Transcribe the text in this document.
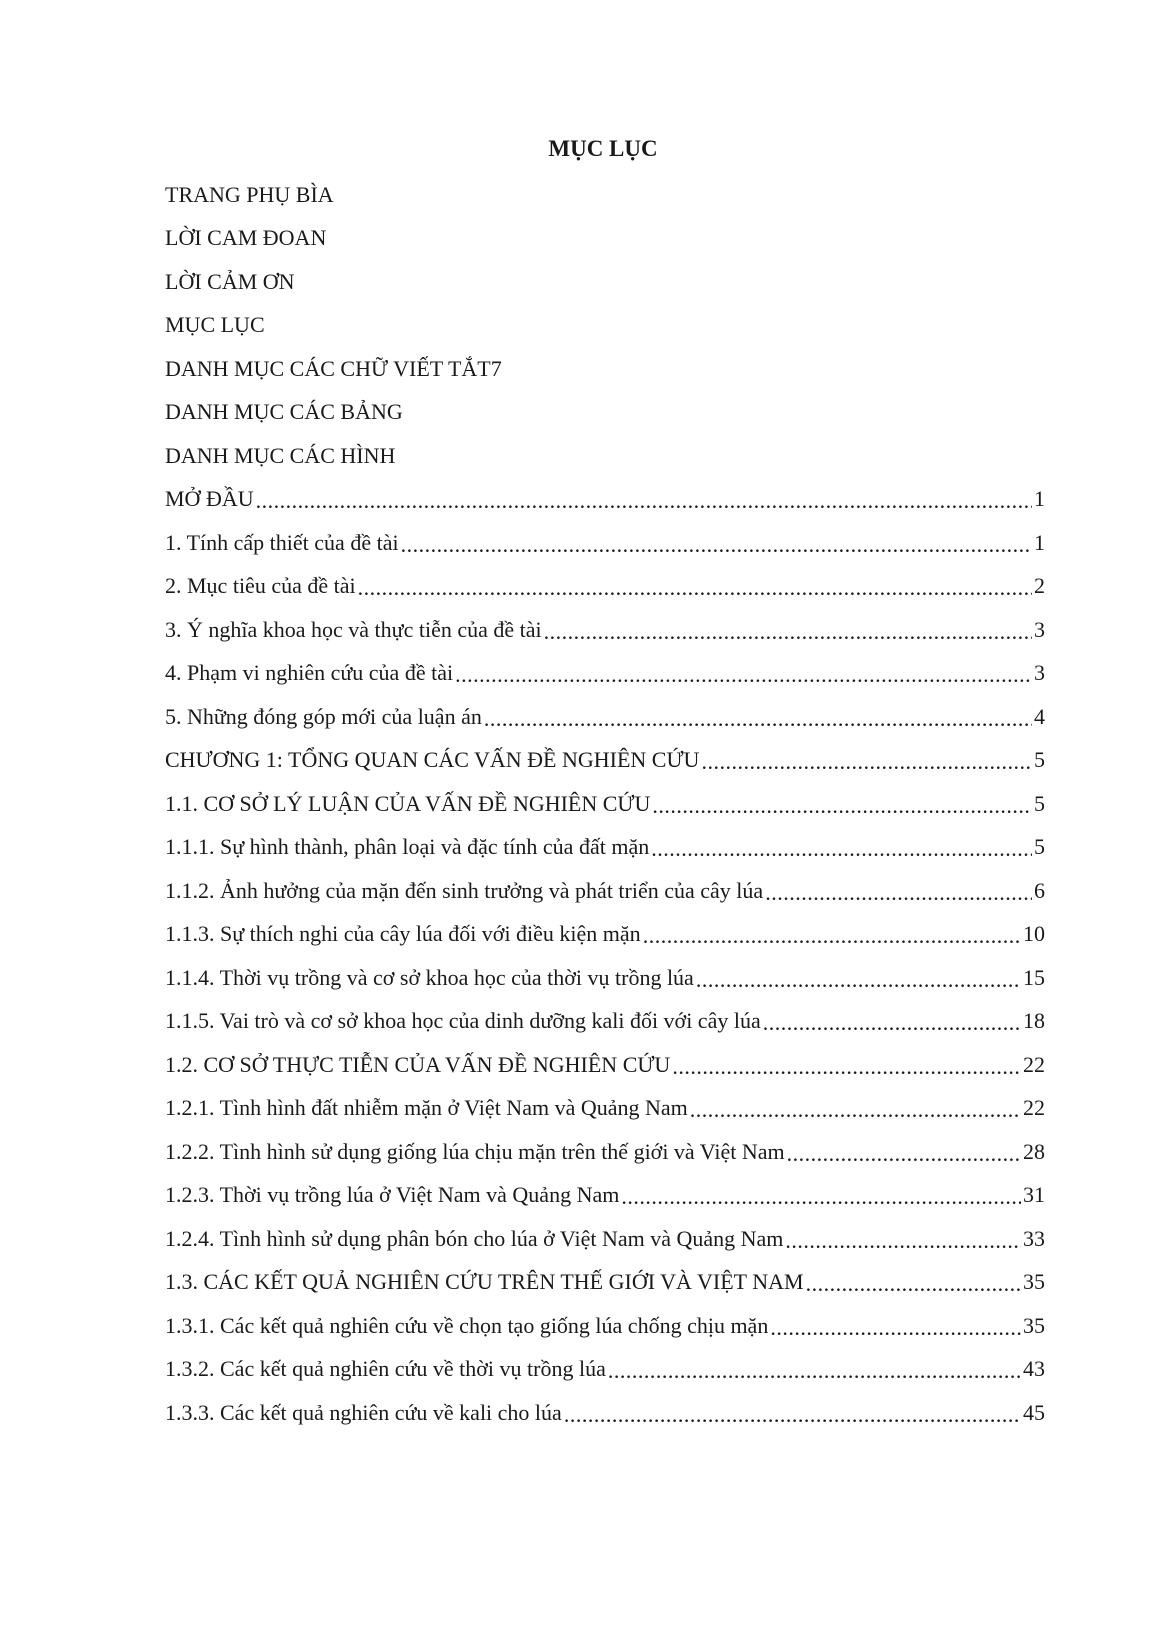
MỤC LỤC
TRANG PHỤ BÌA
LỜI CAM ĐOAN
LỜI CẢM ƠN
MỤC LỤC
DANH MỤC CÁC CHỮ VIẾT TẮT7
DANH MỤC CÁC BẢNG
DANH MỤC CÁC HÌNH
MỞ ĐẦU .....	1
1. Tính cấp thiết của đề tài .....	1
2. Mục tiêu của đề tài .....	2
3. Ý nghĩa khoa học và thực tiễn của đề tài .....	3
4. Phạm vi nghiên cứu của đề tài .....	3
5. Những đóng góp mới của luận án .....	4
CHƯƠNG 1: TỔNG QUAN CÁC VẤN ĐỀ NGHIÊN CỨU .....	5
1.1. CƠ SỞ LÝ LUẬN CỦA VẤN ĐỀ NGHIÊN CỨU .....	5
1.1.1. Sự hình thành, phân loại và đặc tính của đất mặn .....	5
1.1.2. Ảnh hưởng của mặn đến sinh trưởng và phát triển của cây lúa .....	6
1.1.3. Sự thích nghi của cây lúa đối với điều kiện mặn .....	10
1.1.4. Thời vụ trồng và cơ sở khoa học của thời vụ trồng lúa .....	15
1.1.5. Vai trò và cơ sở khoa học của dinh dưỡng kali đối với cây lúa .....	18
1.2. CƠ SỞ THỰC TIỄN CỦA VẤN ĐỀ NGHIÊN CỨU .....	22
1.2.1. Tình hình đất nhiễm mặn ở Việt Nam và Quảng Nam .....	22
1.2.2. Tình hình sử dụng giống lúa chịu mặn trên thế giới và Việt Nam .....	28
1.2.3. Thời vụ trồng lúa ở Việt Nam và Quảng Nam .....	31
1.2.4. Tình hình sử dụng phân bón cho lúa ở Việt Nam và Quảng Nam .....	33
1.3. CÁC KẾT QUẢ NGHIÊN CỨU TRÊN THẾ GIỚI VÀ VIỆT NAM .....	35
1.3.1. Các kết quả nghiên cứu về chọn tạo giống lúa chống chịu mặn .....	35
1.3.2. Các kết quả nghiên cứu về thời vụ trồng lúa .....	43
1.3.3. Các kết quả nghiên cứu về kali cho lúa .....	45
